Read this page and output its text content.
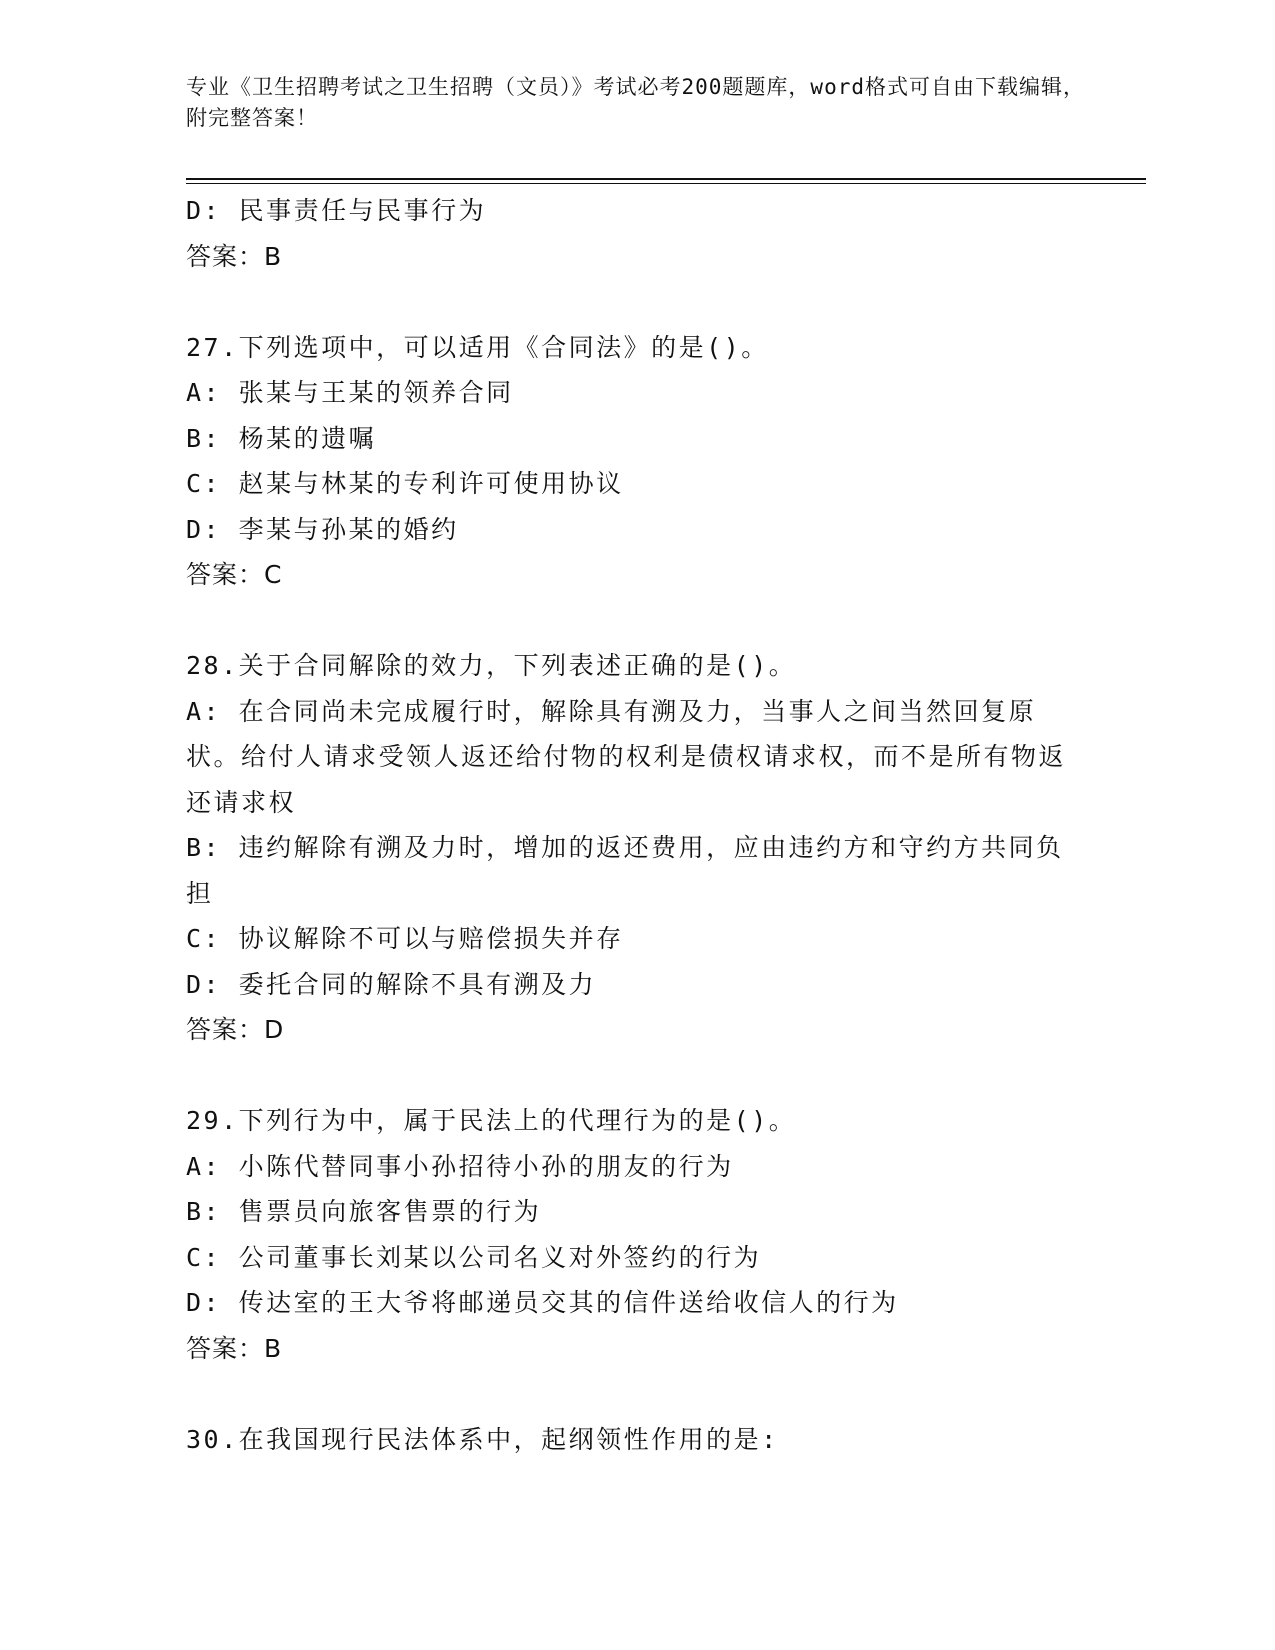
专业《卫生招聘考试之卫生招聘（文员）》考试必考200题题库，word格式可自由下载编辑，附完整答案！
D: 民事责任与民事行为
答案：B
27.下列选项中，可以适用《合同法》的是()。
A: 张某与王某的领养合同
B: 杨某的遗嘱
C: 赵某与林某的专利许可使用协议
D: 李某与孙某的婚约
答案：C
28.关于合同解除的效力，下列表述正确的是()。
A: 在合同尚未完成履行时，解除具有溯及力，当事人之间当然回复原状。给付人请求受领人返还给付物的权利是债权请求权，而不是所有物返还请求权
B: 违约解除有溯及力时，增加的返还费用，应由违约方和守约方共同负担
C: 协议解除不可以与赔偿损失并存
D: 委托合同的解除不具有溯及力
答案：D
29.下列行为中，属于民法上的代理行为的是()。
A: 小陈代替同事小孙招待小孙的朋友的行为
B: 售票员向旅客售票的行为
C: 公司董事长刘某以公司名义对外签约的行为
D: 传达室的王大爷将邮递员交其的信件送给收信人的行为
答案：B
30.在我国现行民法体系中，起纲领性作用的是:
